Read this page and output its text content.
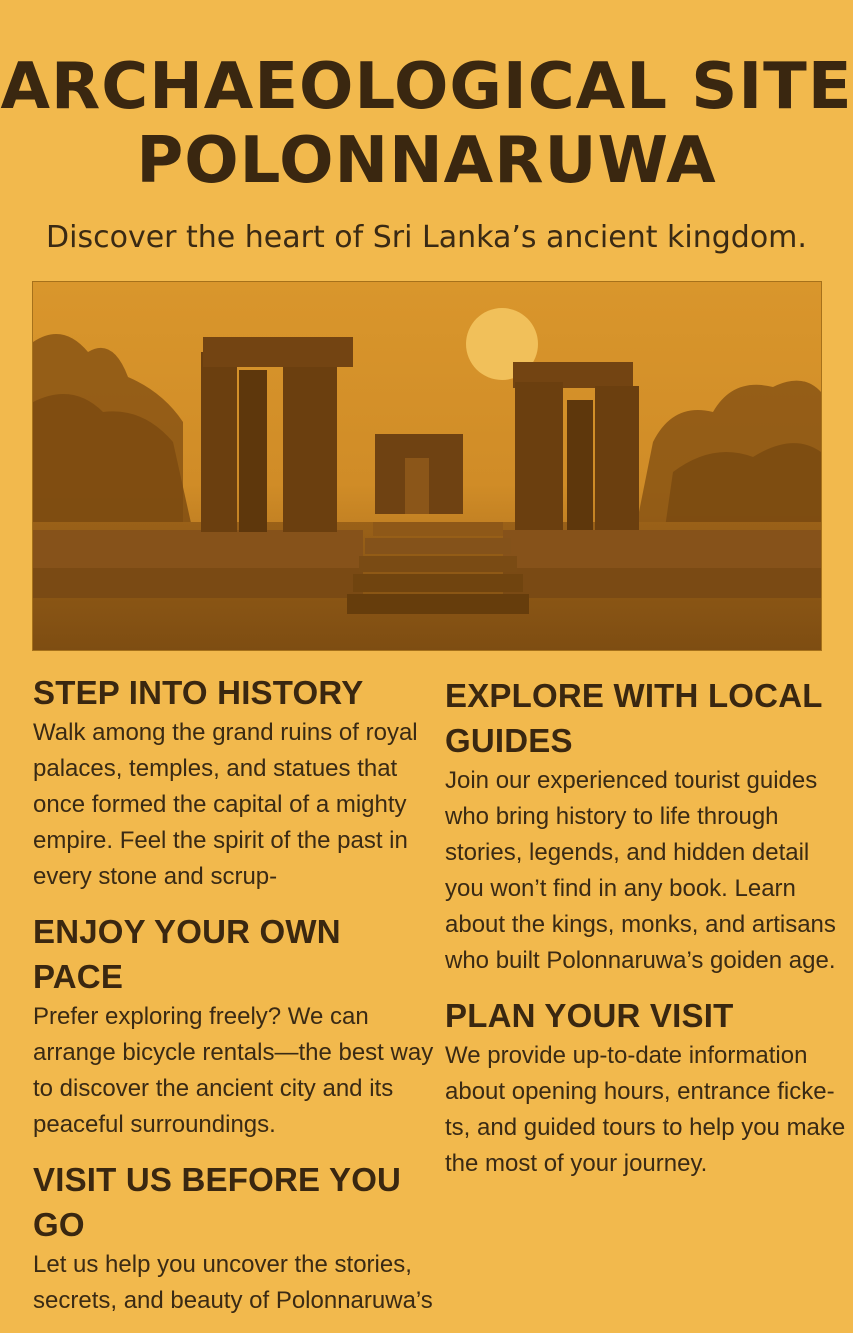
ARCHAEOLOGICAL SITE
POLONNARUWA
Discover the heart of Sri Lanka’s ancient kingdom.
STEP INTO HISTORY

Walk among the grand ruins of royal palaces, temples, and statues that once formed the capital of a mighty empire. Feel the spirit of the past in every stone and scrup-

ENJOY YOUR OWN PACE

Prefer exploring freely? We can arrange bicycle rentals—the best way to discover the ancient city and its peaceful surroundings.

VISIT US BEFORE YOU GO

Let us help you uncover the stories, secrets, and beauty of Polonnaruwa’s

EXPLORE WITH LOCAL GUIDES

Join our experienced tourist guides who bring history to life through stories, legends, and hidden detail you won’t find in any book. Learn about the kings, monks, and artisans who built Polonnaruwa’s goiden age.

PLAN YOUR VISIT

We provide up-to-date information about opening hours, entrance ficke-ts, and guided tours to help you make the most of your journey.
